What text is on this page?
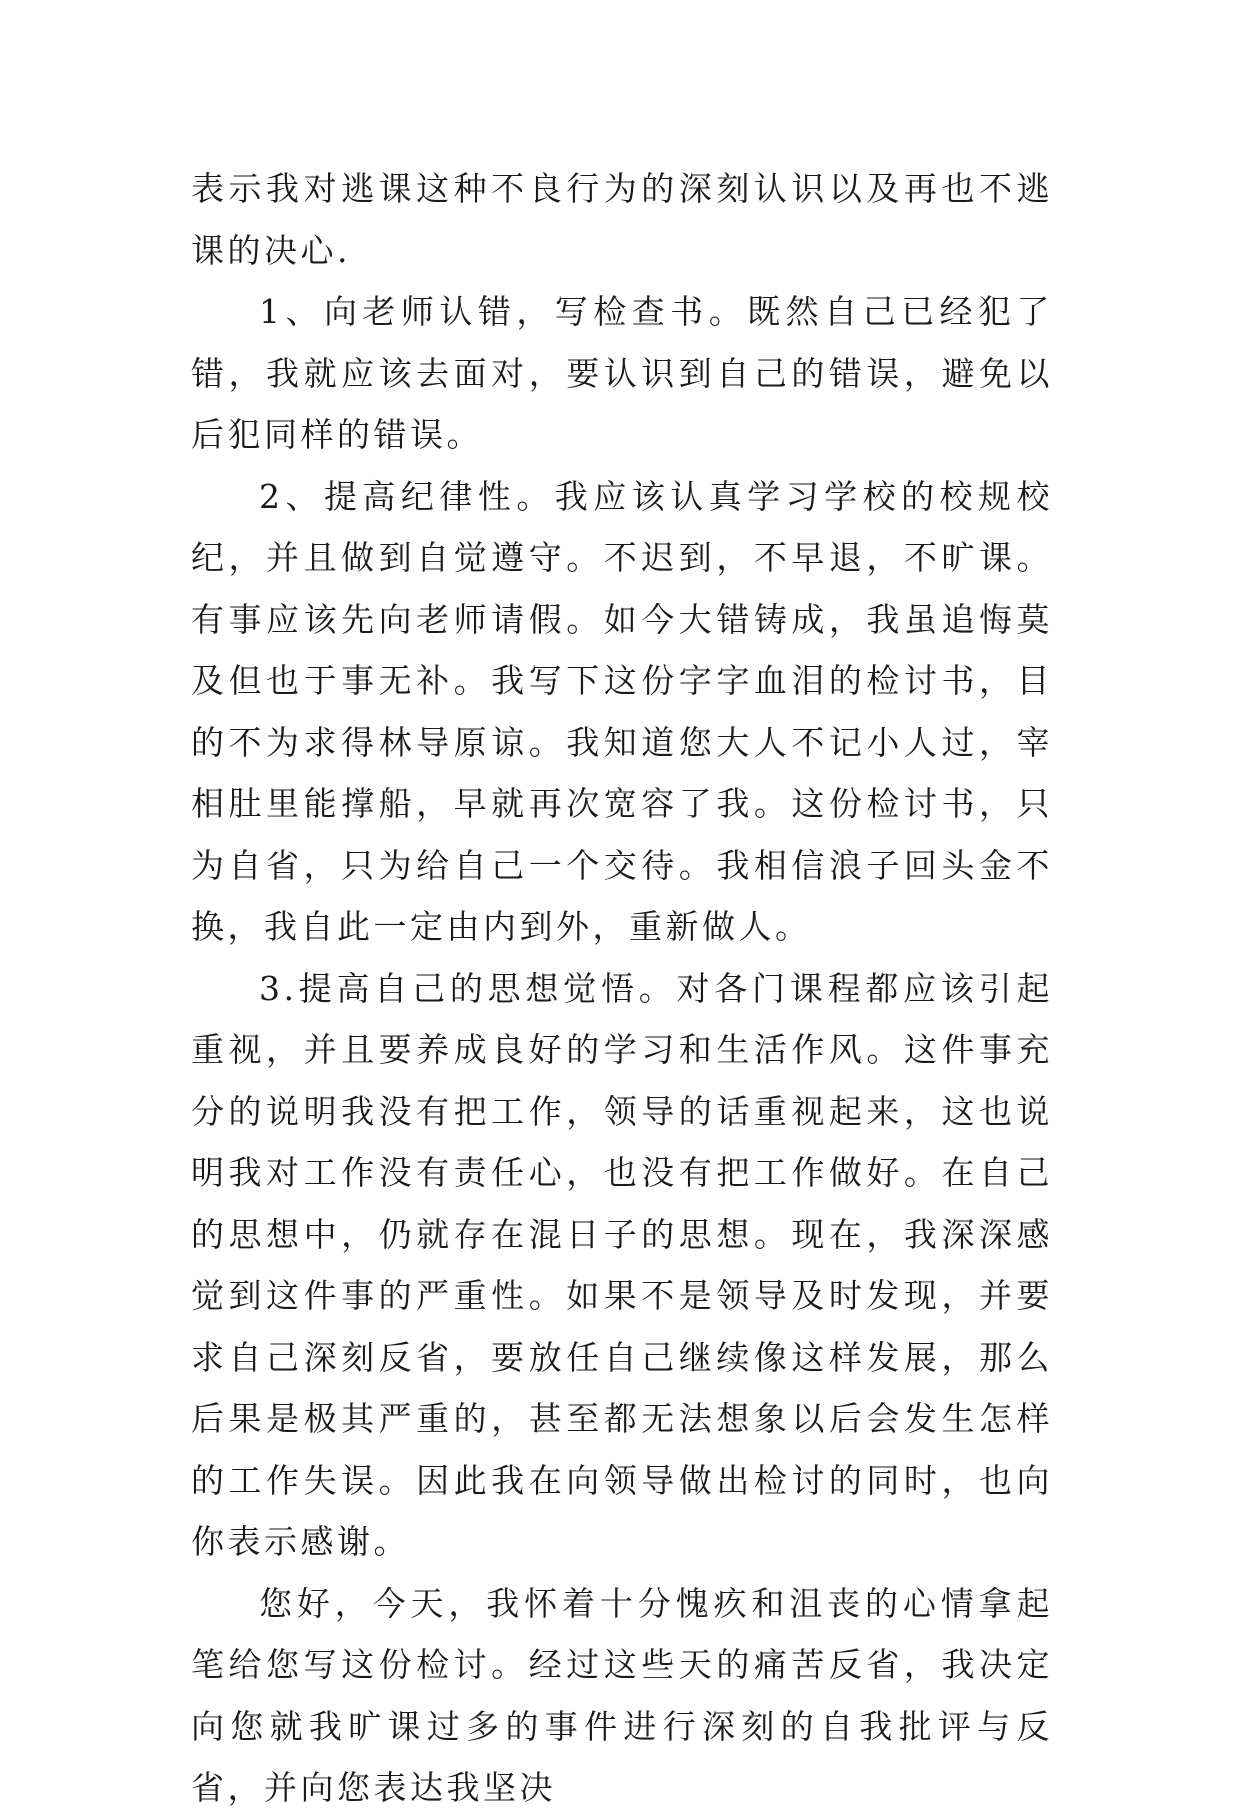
表示我对逃课这种不良行为的深刻认识以及再也不逃课的决心.

1、向老师认错，写检查书。既然自己已经犯了错，我就应该去面对，要认识到自己的错误，避免以后犯同样的错误。

2、提高纪律性。我应该认真学习学校的校规校纪，并且做到自觉遵守。不迟到，不早退，不旷课。有事应该先向老师请假。如今大错铸成，我虽追悔莫及但也于事无补。我写下这份字字血泪的检讨书，目的不为求得林导原谅。我知道您大人不记小人过，宰相肚里能撑船，早就再次宽容了我。这份检讨书，只为自省，只为给自己一个交待。我相信浪子回头金不换，我自此一定由内到外，重新做人。

3.提高自己的思想觉悟。对各门课程都应该引起重视，并且要养成良好的学习和生活作风。这件事充分的说明我没有把工作，领导的话重视起来，这也说明我对工作没有责任心，也没有把工作做好。在自己的思想中，仍就存在混日子的思想。现在，我深深感觉到这件事的严重性。如果不是领导及时发现，并要求自己深刻反省，要放任自己继续像这样发展，那么后果是极其严重的，甚至都无法想象以后会发生怎样的工作失误。因此我在向领导做出检讨的同时，也向你表示感谢。

您好，今天，我怀着十分愧疚和沮丧的心情拿起笔给您写这份检讨。经过这些天的痛苦反省，我决定向您就我旷课过多的事件进行深刻的自我批评与反省，并向您表达我坚决
